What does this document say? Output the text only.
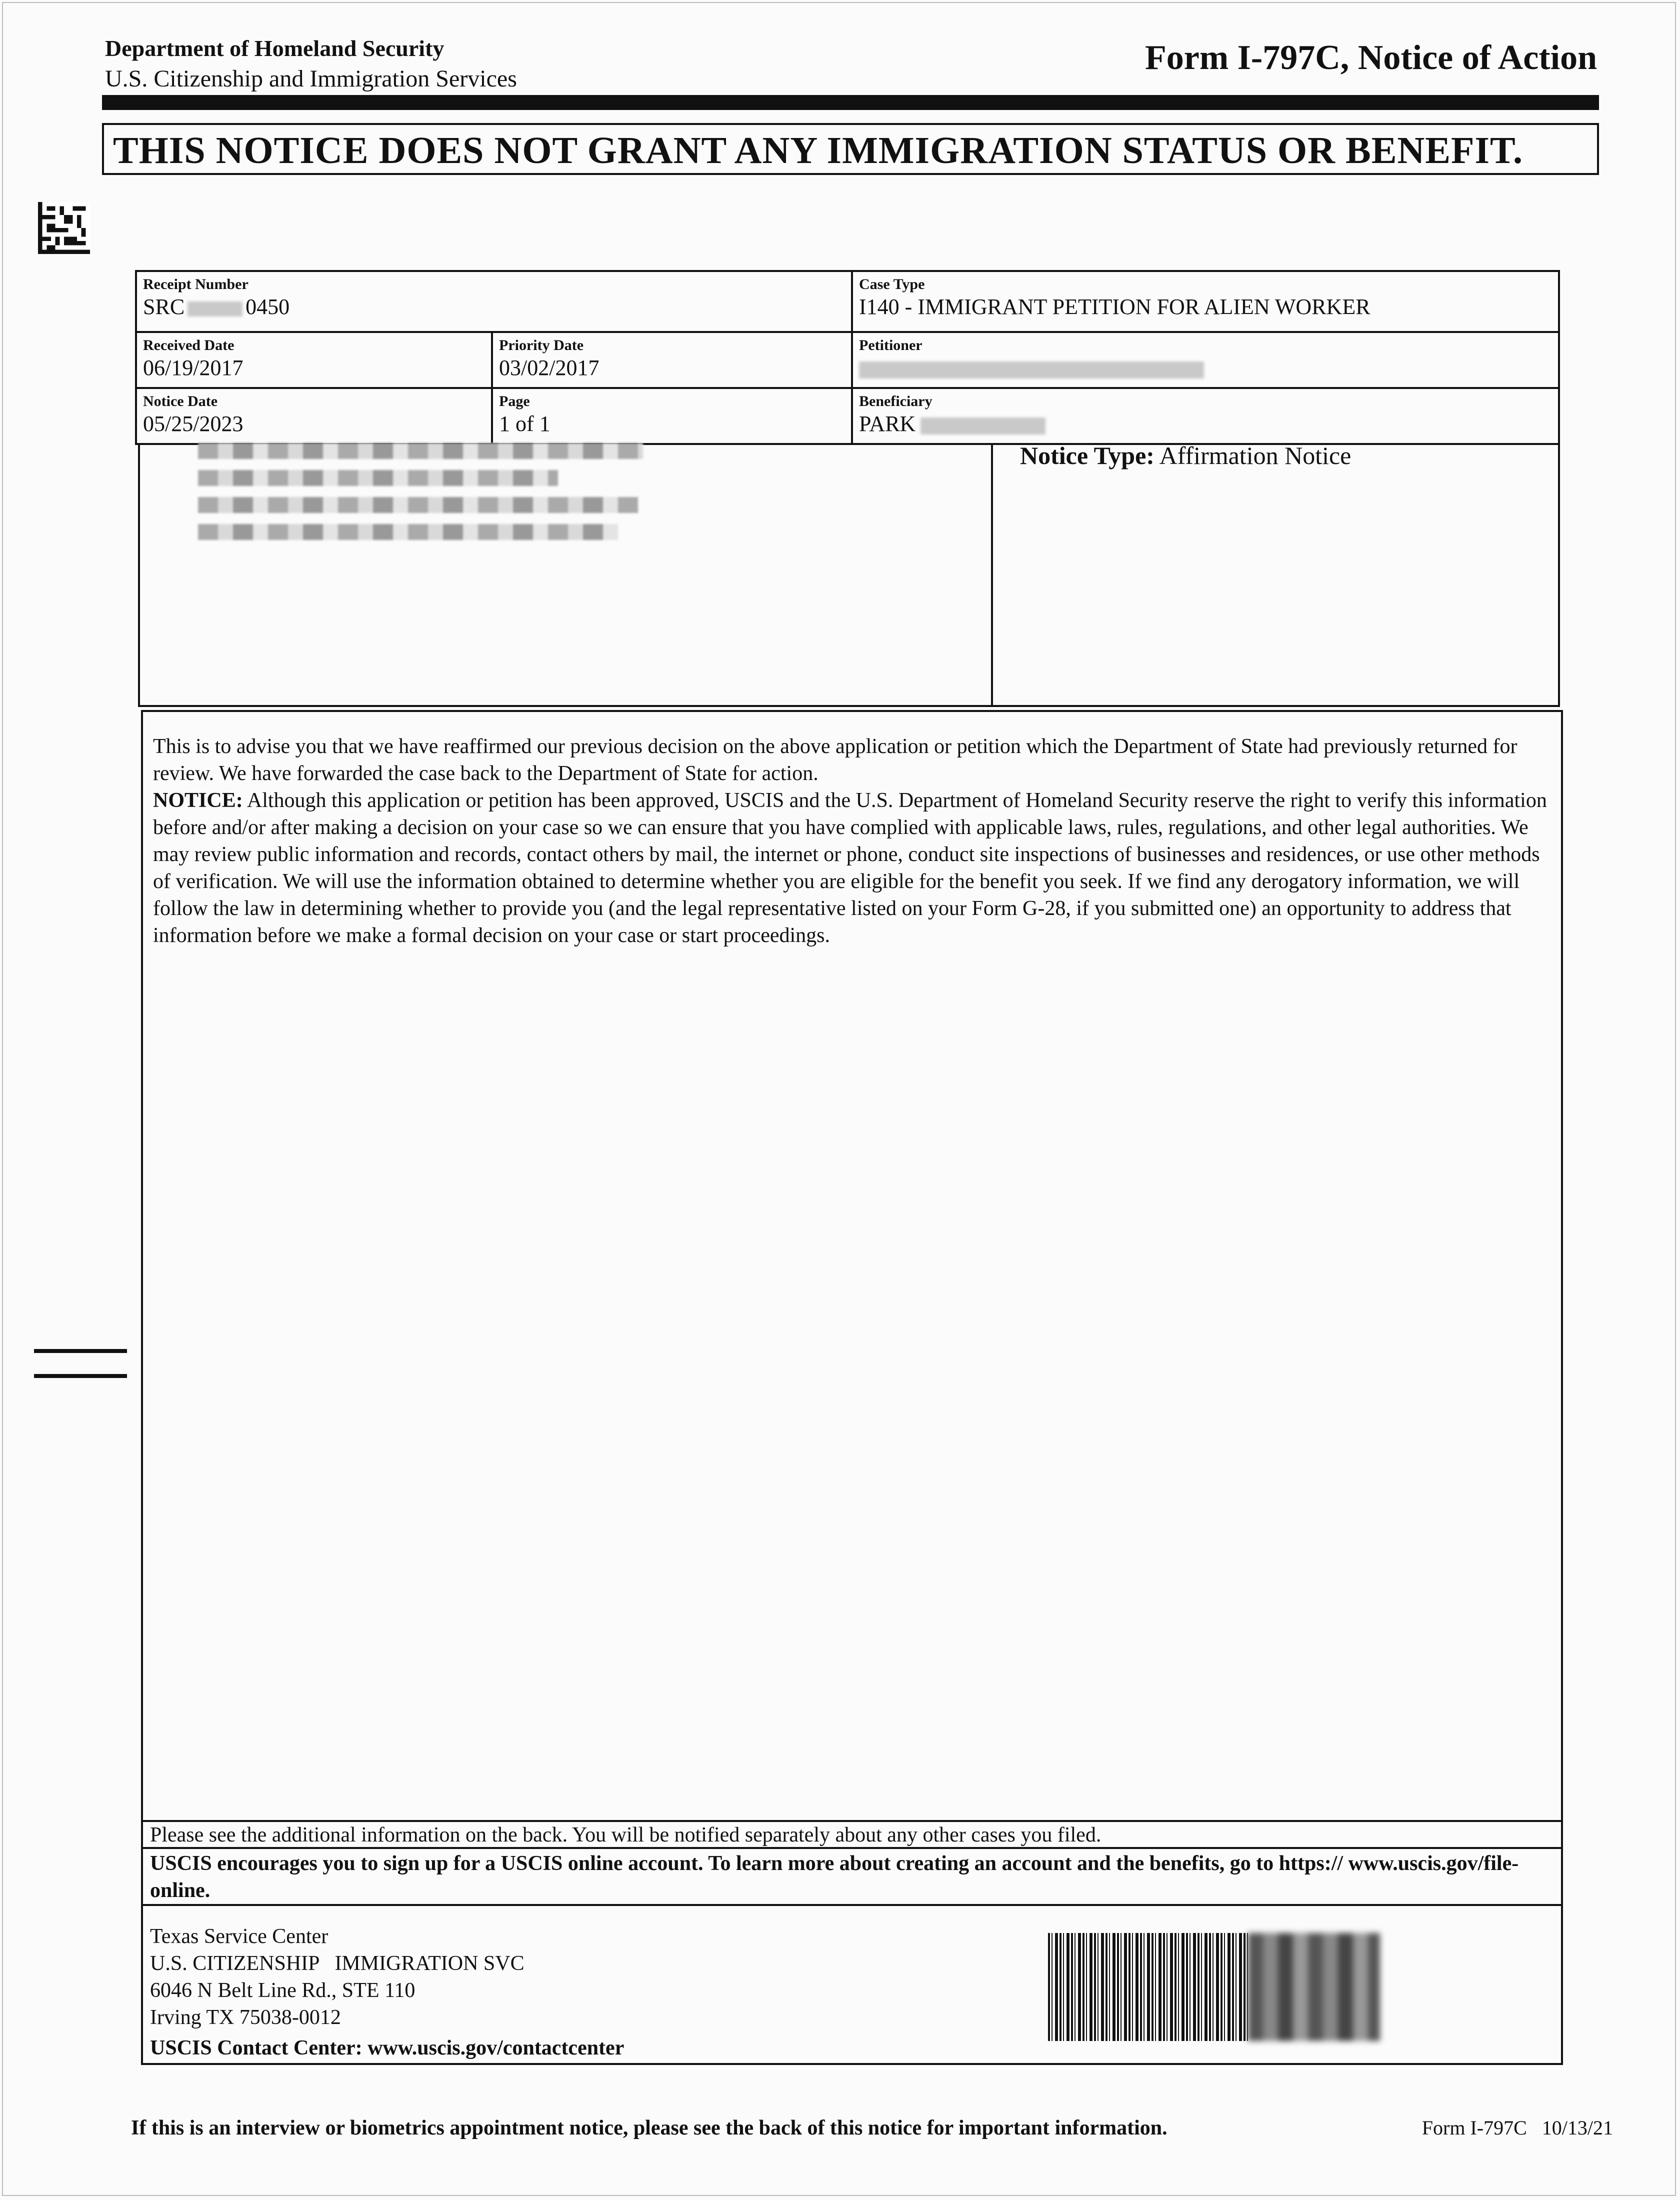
Department of Homeland Security
U.S. Citizenship and Immigration Services
Form I-797C, Notice of Action
THIS NOTICE DOES NOT GRANT ANY IMMIGRATION STATUS OR BENEFIT.
Receipt Number
SRC	0450
Case Type
I140 - IMMIGRANT PETITION FOR ALIEN WORKER
Received Date
06/19/2017
Priority Date
03/02/2017
Petitioner
Notice Date
05/25/2023
Page
1 of 1
Beneficiary
PARK
Notice Type: Affirmation Notice

This is to advise you that we have reaffirmed our previous decision on the above application or petition which the Department of State had previously returned for review. We have forwarded the case back to the Department of State for action.

NOTICE: Although this application or petition has been approved, USCIS and the U.S. Department of Homeland Security reserve the right to verify this information before and/or after making a decision on your case so we can ensure that you have complied with applicable laws, rules, regulations, and other legal authorities. We may review public information and records, contact others by mail, the internet or phone, conduct site inspections of businesses and residences, or use other methods of verification. We will use the information obtained to determine whether you are eligible for the benefit you seek. If we find any derogatory information, we will follow the law in determining whether to provide you (and the legal representative listed on your Form G-28, if you submitted one) an opportunity to address that information before we make a formal decision on your case or start proceedings.

Please see the additional information on the back. You will be notified separately about any other cases you filed.
USCIS encourages you to sign up for a USCIS online account. To learn more about creating an account and the benefits, go to https:// www.uscis.gov/file-online.
Texas Service Center
U.S. CITIZENSHIP   IMMIGRATION SVC
6046 N Belt Line Rd., STE 110
Irving TX 75038-0012
USCIS Contact Center: www.uscis.gov/contactcenter
If this is an interview or biometrics appointment notice, please see the back of this notice for important information.	Form I-797C 10/13/21
